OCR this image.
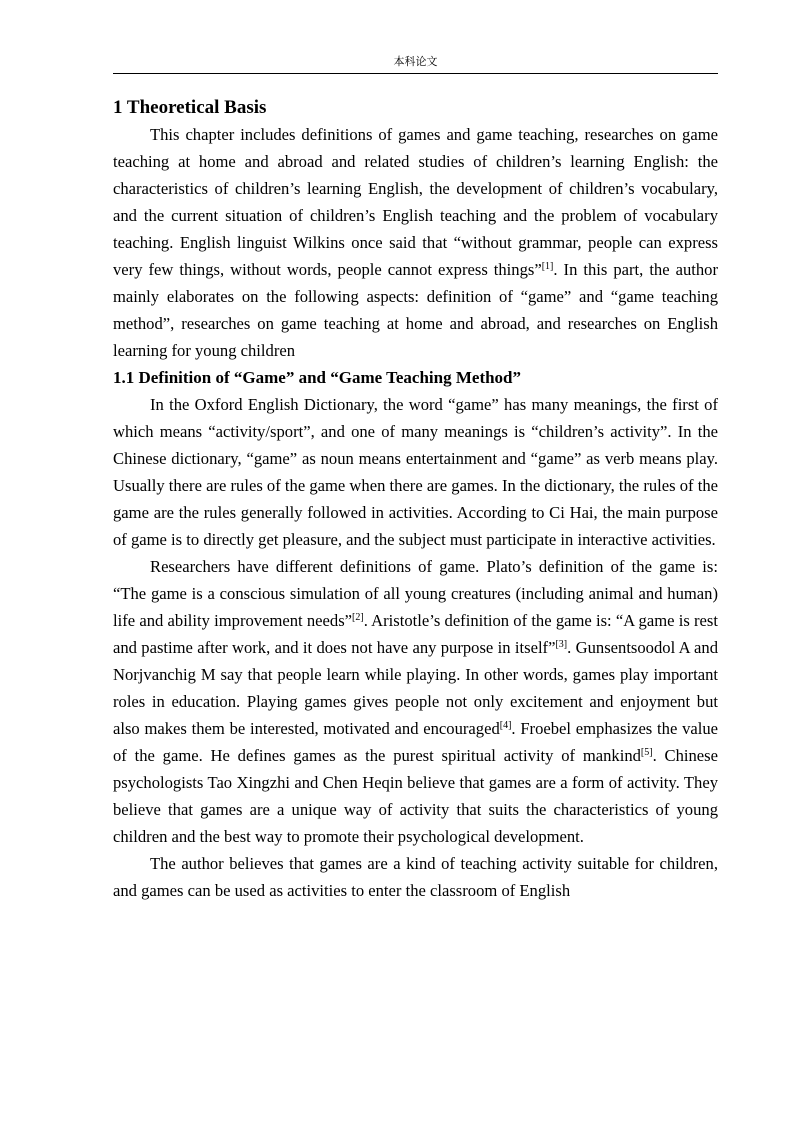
本科论文
1 Theoretical Basis

This chapter includes definitions of games and game teaching, researches on game teaching at home and abroad and related studies of children’s learning English: the characteristics of children’s learning English, the development of children’s vocabulary, and the current situation of children’s English teaching and the problem of vocabulary teaching. English linguist Wilkins once said that “without grammar, people can express very few things, without words, people cannot express things”[1]. In this part, the author mainly elaborates on the following aspects: definition of “game” and “game teaching method”, researches on game teaching at home and abroad, and researches on English learning for young children

1.1 Definition of “Game” and “Game Teaching Method”

In the Oxford English Dictionary, the word “game” has many meanings, the first of which means “activity/sport”, and one of many meanings is “children’s activity”. In the Chinese dictionary, “game” as noun means entertainment and “game” as verb means play. Usually there are rules of the game when there are games. In the dictionary, the rules of the game are the rules generally followed in activities. According to Ci Hai, the main purpose of game is to directly get pleasure, and the subject must participate in interactive activities.

Researchers have different definitions of game. Plato’s definition of the game is: “The game is a conscious simulation of all young creatures (including animal and human) life and ability improvement needs”[2]. Aristotle’s definition of the game is: “A game is rest and pastime after work, and it does not have any purpose in itself”[3]. Gunsentsoodol A and Norjvanchig M say that people learn while playing. In other words, games play important roles in education. Playing games gives people not only excitement and enjoyment but also makes them be interested, motivated and encouraged[4]. Froebel emphasizes the value of the game. He defines games as the purest spiritual activity of mankind[5]. Chinese psychologists Tao Xingzhi and Chen Heqin believe that games are a form of activity. They believe that games are a unique way of activity that suits the characteristics of young children and the best way to promote their psychological development.

The author believes that games are a kind of teaching activity suitable for children, and games can be used as activities to enter the classroom of English
